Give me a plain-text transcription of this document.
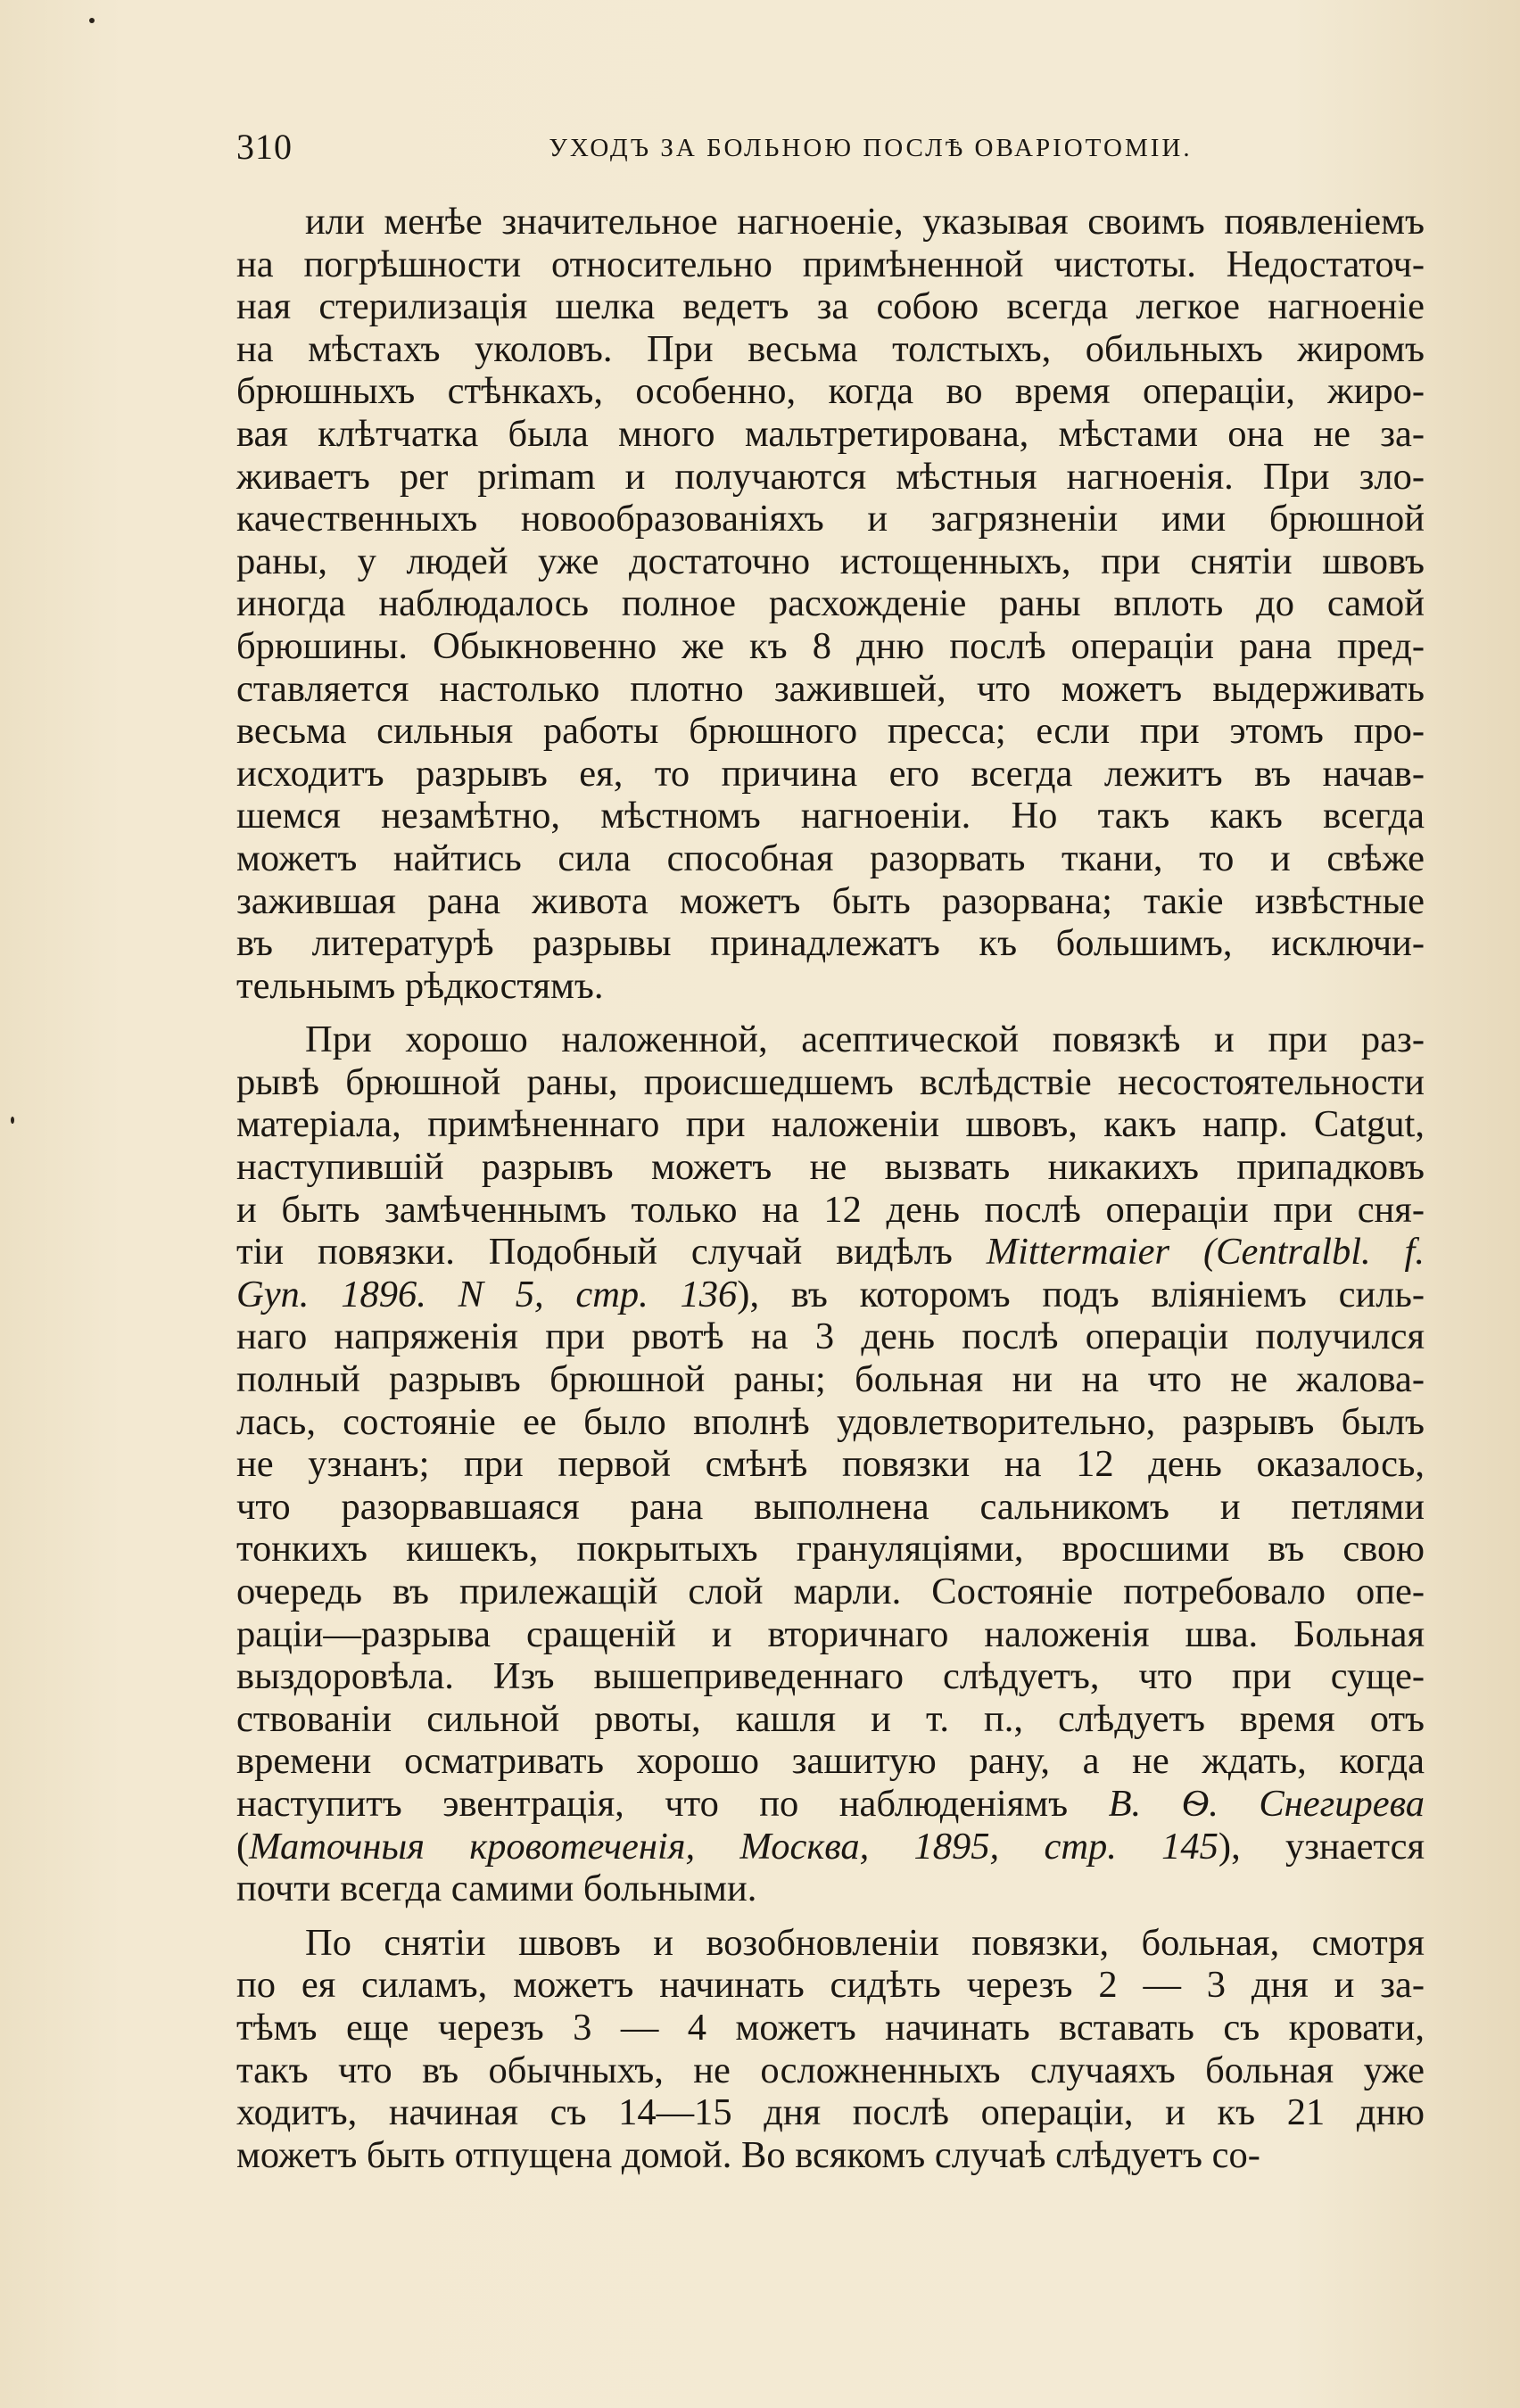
310	УХОДЪ ЗА БОЛЬНОЮ ПОСЛѢ ОВАРІОТОМІИ.
или менѣе значительное нагноеніе, указывая своимъ появленіемъ
на погрѣшности относительно примѣненной чистоты. Недостаточ-
ная стерилизація шелка ведетъ за собою всегда легкое нагноеніе
на мѣстахъ уколовъ. При весьма толстыхъ, обильныхъ жиромъ
брюшныхъ стѣнкахъ, особенно, когда во время операціи, жиро-
вая клѣтчатка была много мальтретирована, мѣстами она не за-
живаетъ per primam и получаются мѣстныя нагноенія. При зло-
качественныхъ новообразованіяхъ и загрязненіи ими брюшной
раны, у людей уже достаточно истощенныхъ, при снятіи швовъ
иногда наблюдалось полное расхожденіе раны вплоть до самой
брюшины. Обыкновенно же къ 8 дню послѣ операціи рана пред-
ставляется настолько плотно зажившей, что можетъ выдерживать
весьма сильныя работы брюшного пресса; если при этомъ про-
исходитъ разрывъ ея, то причина его всегда лежитъ въ начав-
шемся незамѣтно, мѣстномъ нагноеніи. Но такъ какъ всегда
можетъ найтись сила способная разорвать ткани, то и свѣже
зажившая рана живота можетъ быть разорвана; такіе извѣстные
въ литературѣ разрывы принадлежатъ къ большимъ, исключи-
тельнымъ рѣдкостямъ.
При хорошо наложенной, асептической повязкѣ и при раз-
рывѣ брюшной раны, происшедшемъ вслѣдствіе несостоятельности
матеріала, примѣненнаго при наложеніи швовъ, какъ напр. Catgut,
наступившій разрывъ можетъ не вызвать никакихъ припадковъ
и быть замѣченнымъ только на 12 день послѣ операціи при сня-
тіи повязки. Подобный случай видѣлъ Mittermaier (Centralbl. f.
Gyn. 1896. N 5, стр. 136), въ которомъ подъ вліяніемъ силь-
наго напряженія при рвотѣ на 3 день послѣ операціи получился
полный разрывъ брюшной раны; больная ни на что не жалова-
лась, состояніе ее было вполнѣ удовлетворительно, разрывъ былъ
не узнанъ; при первой смѣнѣ повязки на 12 день оказалось,
что разорвавшаяся рана выполнена сальникомъ и петлями
тонкихъ кишекъ, покрытыхъ грануляціями, вросшими въ свою
очередь въ прилежащій слой марли. Состояніе потребовало опе-
раціи—разрыва сращеній и вторичнаго наложенія шва. Больная
выздоровѣла. Изъ вышеприведеннаго слѣдуетъ, что при суще-
ствованіи сильной рвоты, кашля и т. п., слѣдуетъ время отъ
времени осматривать хорошо зашитую рану, а не ждать, когда
наступитъ эвентрація, что по наблюденіямъ В. Ѳ. Снегирева
(Маточныя кровотеченія, Москва, 1895, стр. 145), узнается
почти всегда самими больными.
По снятіи швовъ и возобновленіи повязки, больная, смотря
по ея силамъ, можетъ начинать сидѣть черезъ 2 — 3 дня и за-
тѣмъ еще черезъ 3 — 4 можетъ начинать вставать съ кровати,
такъ что въ обычныхъ, не осложненныхъ случаяхъ больная уже
ходитъ, начиная съ 14—15 дня послѣ операціи, и къ 21 дню
можетъ быть отпущена домой. Во всякомъ случаѣ слѣдуетъ со-
